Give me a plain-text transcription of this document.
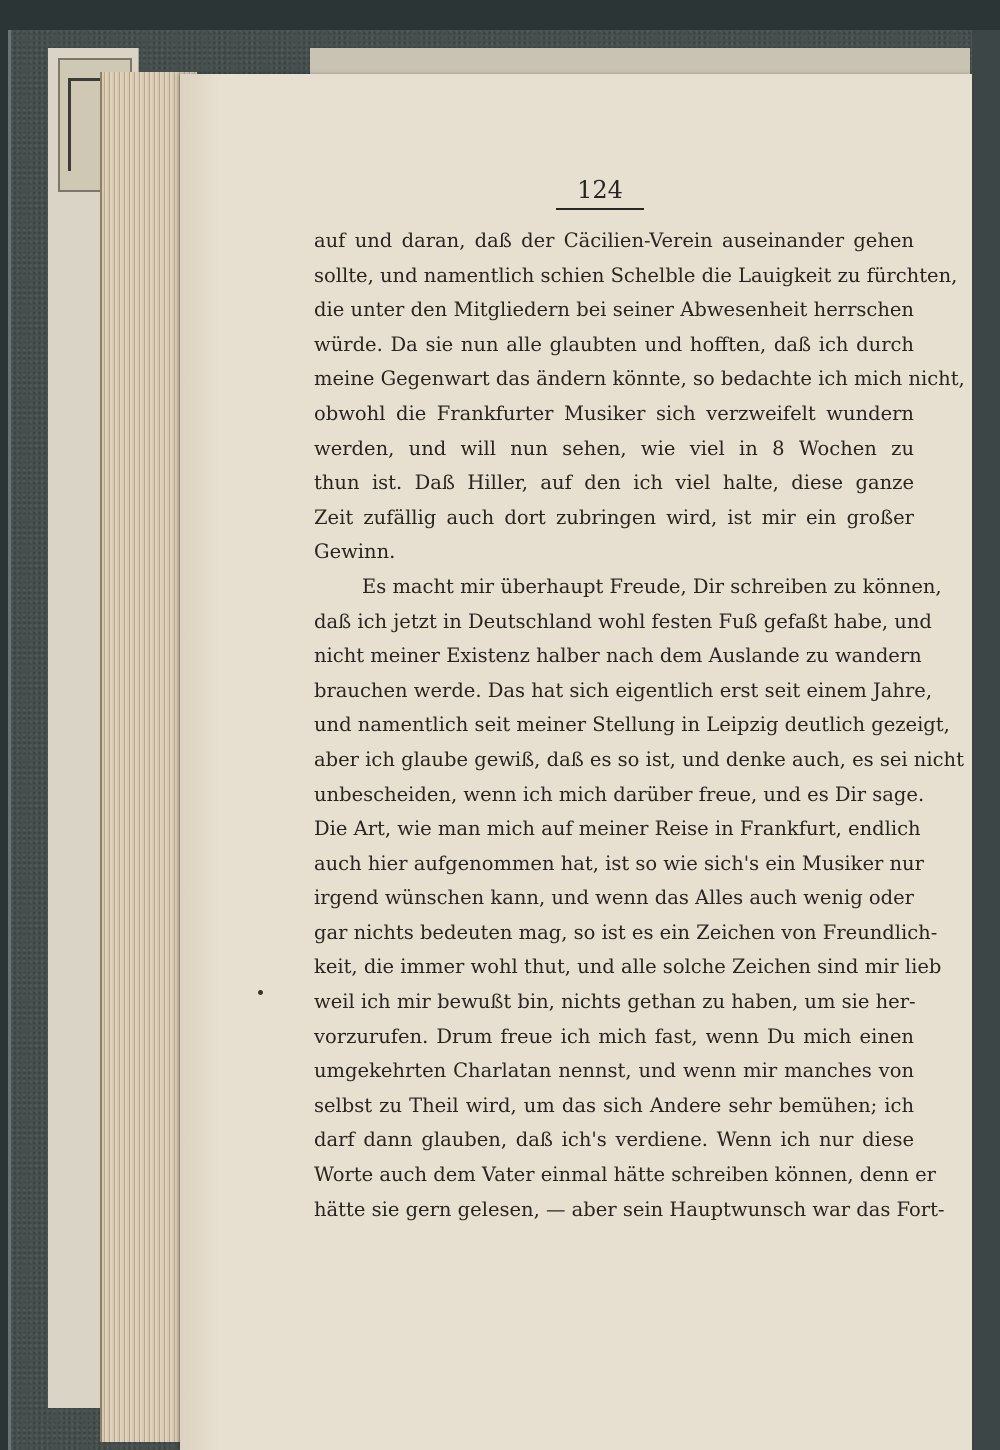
124
auf und daran, daß der Cäcilien-Verein auseinander gehen
sollte, und namentlich schien Schelble die Lauigkeit zu fürchten,
die unter den Mitgliedern bei seiner Abwesenheit herrschen
würde. Da sie nun alle glaubten und hofften, daß ich durch
meine Gegenwart das ändern könnte, so bedachte ich mich nicht,
obwohl die Frankfurter Musiker sich verzweifelt wundern
werden, und will nun sehen, wie viel in 8 Wochen zu
thun ist. Daß Hiller, auf den ich viel halte, diese ganze
Zeit zufällig auch dort zubringen wird, ist mir ein großer
Gewinn.
Es macht mir überhaupt Freude, Dir schreiben zu können,
daß ich jetzt in Deutschland wohl festen Fuß gefaßt habe, und
nicht meiner Existenz halber nach dem Auslande zu wandern
brauchen werde. Das hat sich eigentlich erst seit einem Jahre,
und namentlich seit meiner Stellung in Leipzig deutlich gezeigt,
aber ich glaube gewiß, daß es so ist, und denke auch, es sei nicht
unbescheiden, wenn ich mich darüber freue, und es Dir sage.
Die Art, wie man mich auf meiner Reise in Frankfurt, endlich
auch hier aufgenommen hat, ist so wie sich's ein Musiker nur
irgend wünschen kann, und wenn das Alles auch wenig oder
gar nichts bedeuten mag, so ist es ein Zeichen von Freundlich-
keit, die immer wohl thut, und alle solche Zeichen sind mir lieb
weil ich mir bewußt bin, nichts gethan zu haben, um sie her-
vorzurufen. Drum freue ich mich fast, wenn Du mich einen
umgekehrten Charlatan nennst, und wenn mir manches von
selbst zu Theil wird, um das sich Andere sehr bemühen; ich
darf dann glauben, daß ich's verdiene. Wenn ich nur diese
Worte auch dem Vater einmal hätte schreiben können, denn er
hätte sie gern gelesen, — aber sein Hauptwunsch war das Fort-
